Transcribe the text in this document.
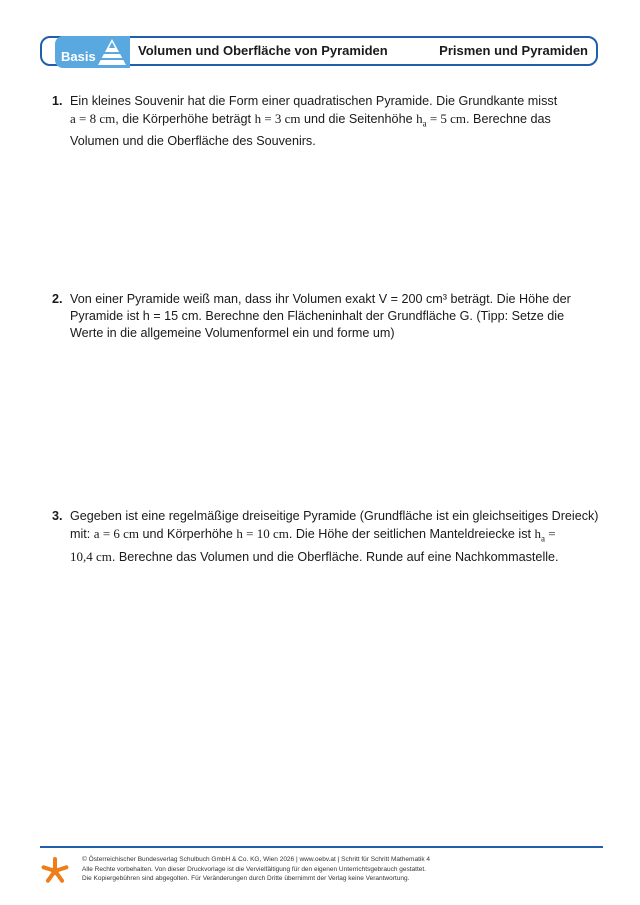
Basis	Volumen und Oberfläche von Pyramiden	Prismen und Pyramiden
1. Ein kleines Souvenir hat die Form einer quadratischen Pyramide. Die Grundkante misst
a = 8 cm, die Körperhöhe beträgt h = 3 cm und die Seitenhöhe $h_a = 5$ cm. Berechne das Volumen und die Oberfläche des Souvenirs.
2. Von einer Pyramide weiß man, dass ihr Volumen exakt V = 200 cm³ beträgt. Die Höhe der Pyramide ist h = 15 cm. Berechne den Flächeninhalt der Grundfläche G. (Tipp: Setze die Werte in die allgemeine Volumenformel ein und forme um)
3. Gegeben ist eine regelmäßige dreiseitige Pyramide (Grundfläche ist ein gleichseitiges Dreieck) mit: a = 6 cm und Körperhöhe h = 10 cm. Die Höhe der seitlichen Manteldreiecke ist $h_a$ =
10,4 cm. Berechne das Volumen und die Oberfläche. Runde auf eine Nachkommastelle.
© Österreichischer Bundesverlag Schulbuch GmbH & Co. KG, Wien 2026 | www.oebv.at | Schritt für Schritt Mathematik 4
Alle Rechte vorbehalten. Von dieser Druckvorlage ist die Vervielfältigung für den eigenen Unterrichtsgebrauch gestattet.
Die Kopiergebühren sind abgegolten. Für Veränderungen durch Dritte übernimmt der Verlag keine Verantwortung.
